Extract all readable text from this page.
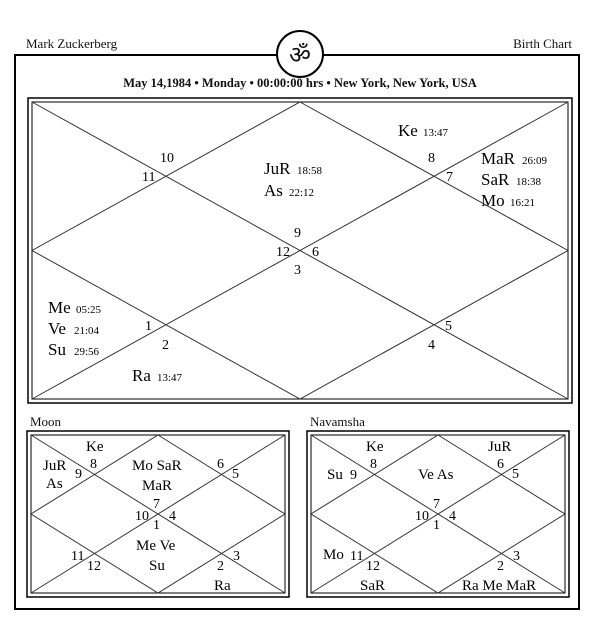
Mark Zuckerberg	Birth Chart
ॐ
May 14,1984 • Monday • 00:00:00 hrs • New York, New York, USA
10
11
9
12 6
3
8
7
1
2
5
4
Ke 13:47
MaR 26:09
SaR 18:38
Mo 16:21
JuR 18:58
As 22:12
Me 05:25
Ve 21:04
Su 29:56
Ra 13:47
Moon	Navamsha
Ke
8
JuR
9
As
Mo SaR
MaR
6
5
7
10 4
1
Me Ve
Su
11
12
3
2
Ra
Ke
8
Su 9	Ve As
JuR
6
5
7
10 4
1
Mo 11
12
SaR
3
2
Ra Me MaR
